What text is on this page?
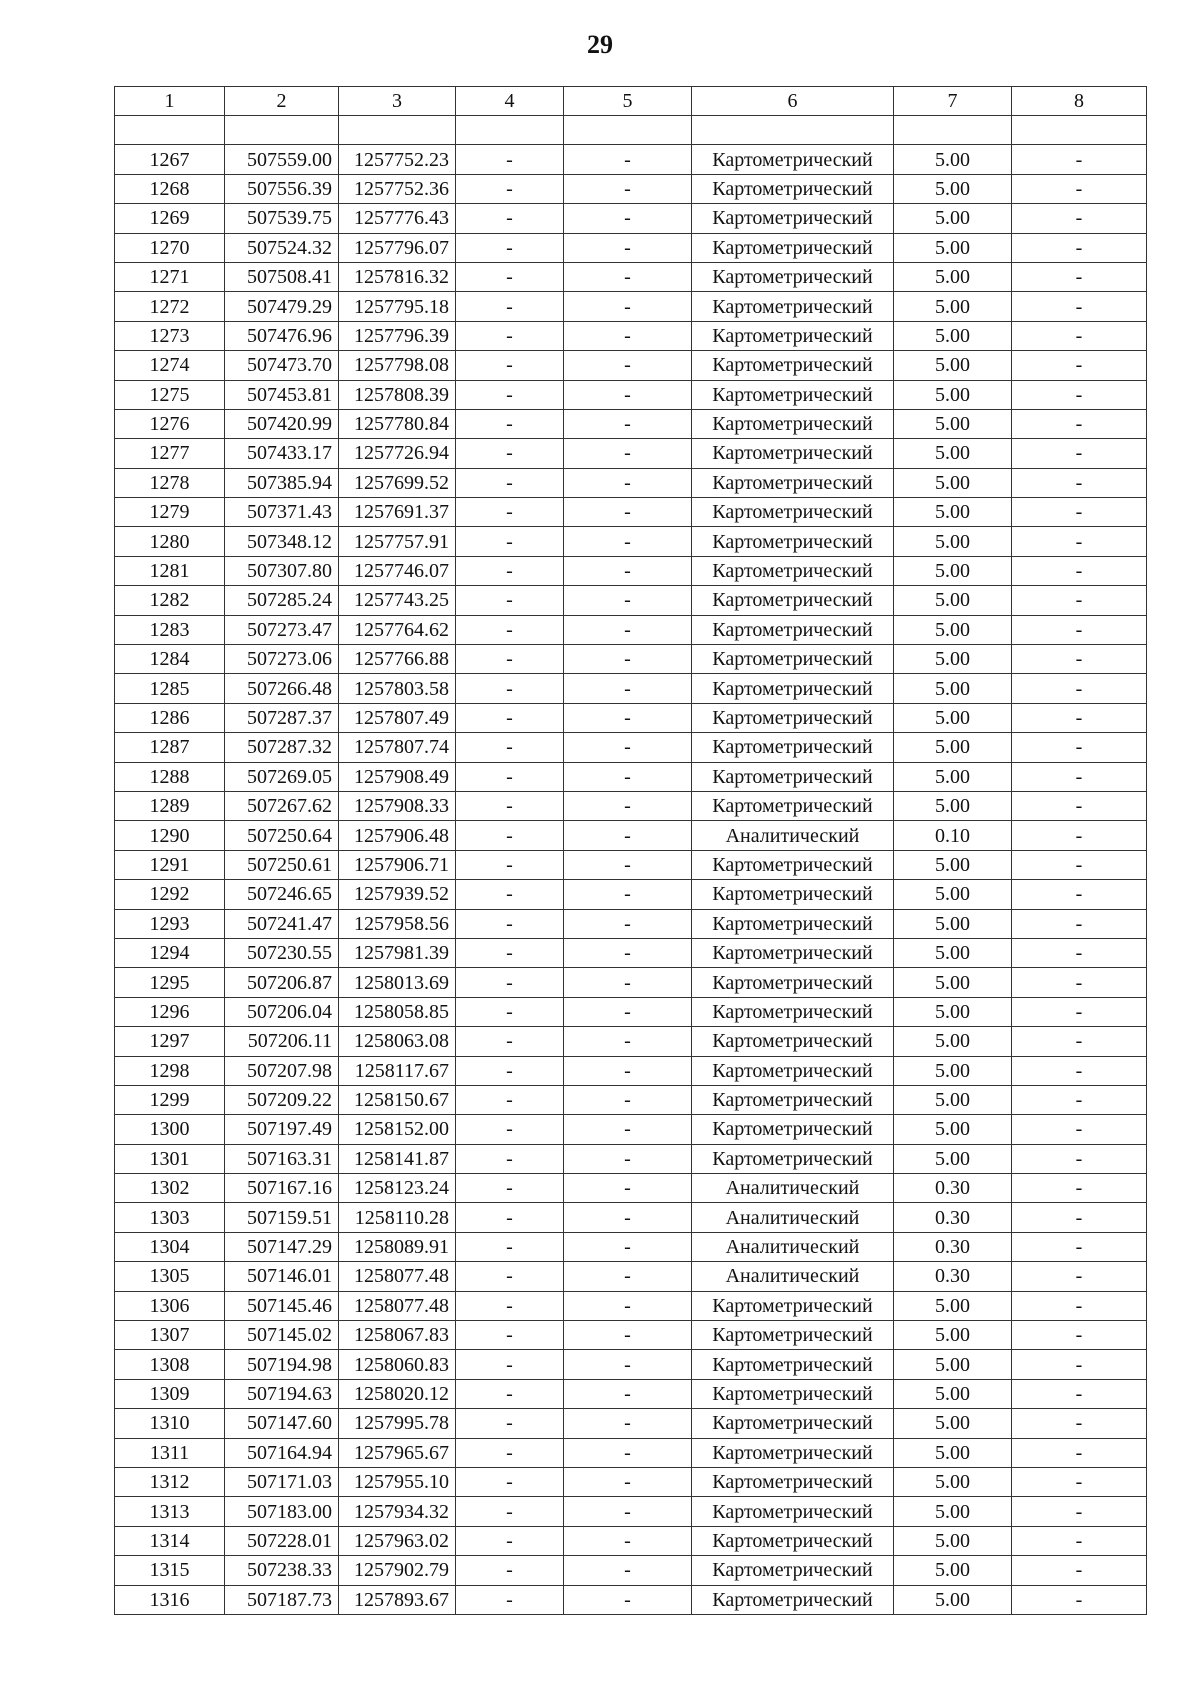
29
1	2	3	4	5	6	7	8

1267	507559.00	1257752.23	-	-	Картометрический	5.00	-
1268	507556.39	1257752.36	-	-	Картометрический	5.00	-
1269	507539.75	1257776.43	-	-	Картометрический	5.00	-
1270	507524.32	1257796.07	-	-	Картометрический	5.00	-
1271	507508.41	1257816.32	-	-	Картометрический	5.00	-
1272	507479.29	1257795.18	-	-	Картометрический	5.00	-
1273	507476.96	1257796.39	-	-	Картометрический	5.00	-
1274	507473.70	1257798.08	-	-	Картометрический	5.00	-
1275	507453.81	1257808.39	-	-	Картометрический	5.00	-
1276	507420.99	1257780.84	-	-	Картометрический	5.00	-
1277	507433.17	1257726.94	-	-	Картометрический	5.00	-
1278	507385.94	1257699.52	-	-	Картометрический	5.00	-
1279	507371.43	1257691.37	-	-	Картометрический	5.00	-
1280	507348.12	1257757.91	-	-	Картометрический	5.00	-
1281	507307.80	1257746.07	-	-	Картометрический	5.00	-
1282	507285.24	1257743.25	-	-	Картометрический	5.00	-
1283	507273.47	1257764.62	-	-	Картометрический	5.00	-
1284	507273.06	1257766.88	-	-	Картометрический	5.00	-
1285	507266.48	1257803.58	-	-	Картометрический	5.00	-
1286	507287.37	1257807.49	-	-	Картометрический	5.00	-
1287	507287.32	1257807.74	-	-	Картометрический	5.00	-
1288	507269.05	1257908.49	-	-	Картометрический	5.00	-
1289	507267.62	1257908.33	-	-	Картометрический	5.00	-
1290	507250.64	1257906.48	-	-	Аналитический	0.10	-
1291	507250.61	1257906.71	-	-	Картометрический	5.00	-
1292	507246.65	1257939.52	-	-	Картометрический	5.00	-
1293	507241.47	1257958.56	-	-	Картометрический	5.00	-
1294	507230.55	1257981.39	-	-	Картометрический	5.00	-
1295	507206.87	1258013.69	-	-	Картометрический	5.00	-
1296	507206.04	1258058.85	-	-	Картометрический	5.00	-
1297	507206.11	1258063.08	-	-	Картометрический	5.00	-
1298	507207.98	1258117.67	-	-	Картометрический	5.00	-
1299	507209.22	1258150.67	-	-	Картометрический	5.00	-
1300	507197.49	1258152.00	-	-	Картометрический	5.00	-
1301	507163.31	1258141.87	-	-	Картометрический	5.00	-
1302	507167.16	1258123.24	-	-	Аналитический	0.30	-
1303	507159.51	1258110.28	-	-	Аналитический	0.30	-
1304	507147.29	1258089.91	-	-	Аналитический	0.30	-
1305	507146.01	1258077.48	-	-	Аналитический	0.30	-
1306	507145.46	1258077.48	-	-	Картометрический	5.00	-
1307	507145.02	1258067.83	-	-	Картометрический	5.00	-
1308	507194.98	1258060.83	-	-	Картометрический	5.00	-
1309	507194.63	1258020.12	-	-	Картометрический	5.00	-
1310	507147.60	1257995.78	-	-	Картометрический	5.00	-
1311	507164.94	1257965.67	-	-	Картометрический	5.00	-
1312	507171.03	1257955.10	-	-	Картометрический	5.00	-
1313	507183.00	1257934.32	-	-	Картометрический	5.00	-
1314	507228.01	1257963.02	-	-	Картометрический	5.00	-
1315	507238.33	1257902.79	-	-	Картометрический	5.00	-
1316	507187.73	1257893.67	-	-	Картометрический	5.00	-
